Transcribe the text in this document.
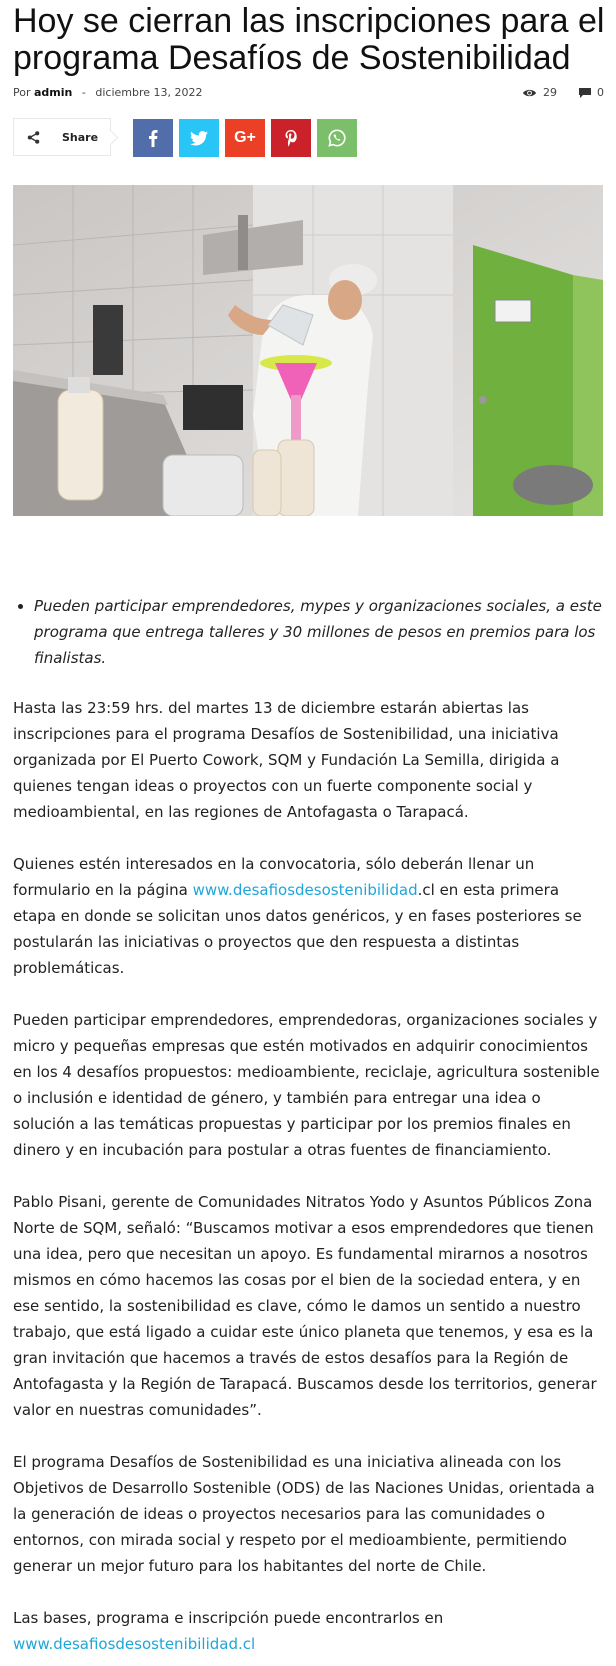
Hoy se cierran las inscripciones para el programa Desafíos de Sostenibilidad
Por admin - diciembre 13, 2022	29	0
Share	G+
• Pueden participar emprendedores, mypes y organizaciones sociales, a este programa que entrega talleres y 30 millones de pesos en premios para los finalistas.

Hasta las 23:59 hrs. del martes 13 de diciembre estarán abiertas las inscripciones para el programa Desafíos de Sostenibilidad, una iniciativa organizada por El Puerto Cowork, SQM y Fundación La Semilla, dirigida a quienes tengan ideas o proyectos con un fuerte componente social y medioambiental, en las regiones de Antofagasta o Tarapacá.

Quienes estén interesados en la convocatoria, sólo deberán llenar un formulario en la página www.desafiosdesostenibilidad.cl en esta primera etapa en donde se solicitan unos datos genéricos, y en fases posteriores se postularán las iniciativas o proyectos que den respuesta a distintas problemáticas.

Pueden participar emprendedores, emprendedoras, organizaciones sociales y micro y pequeñas empresas que estén motivados en adquirir conocimientos en los 4 desafíos propuestos: medioambiente, reciclaje, agricultura sostenible o inclusión e identidad de género, y también para entregar una idea o solución a las temáticas propuestas y participar por los premios finales en dinero y en incubación para postular a otras fuentes de financiamiento.

Pablo Pisani, gerente de Comunidades Nitratos Yodo y Asuntos Públicos Zona Norte de SQM, señaló: “Buscamos motivar a esos emprendedores que tienen una idea, pero que necesitan un apoyo. Es fundamental mirarnos a nosotros mismos en cómo hacemos las cosas por el bien de la sociedad entera, y en ese sentido, la sostenibilidad es clave, cómo le damos un sentido a nuestro trabajo, que está ligado a cuidar este único planeta que tenemos, y esa es la gran invitación que hacemos a través de estos desafíos para la Región de Antofagasta y la Región de Tarapacá. Buscamos desde los territorios, generar valor en nuestras comunidades”.

El programa Desafíos de Sostenibilidad es una iniciativa alineada con los Objetivos de Desarrollo Sostenible (ODS) de las Naciones Unidas, orientada a la generación de ideas o proyectos necesarios para las comunidades o entornos, con mirada social y respeto por el medioambiente, permitiendo generar un mejor futuro para los habitantes del norte de Chile.

Las bases, programa e inscripción puede encontrarlos en
www.desafiosdesostenibilidad.cl
